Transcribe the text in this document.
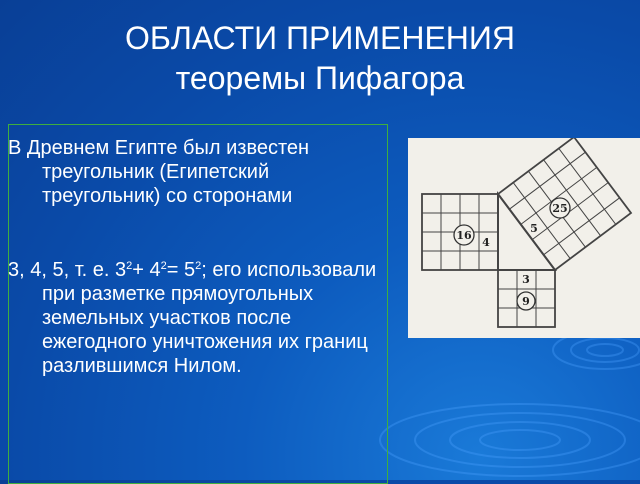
ОБЛАСТИ ПРИМЕНЕНИЯ
теоремы Пифагора
В Древнем Египте был известен треугольник (Египетский треугольник) со сторонами
3, 4, 5, т. е. $3^2+ 4^2= 5^2$; его использовали при разметке прямоугольных земельных участков после ежегодного уничтожения их границ разлившимся Нилом.
16
4
25
5
3
9
